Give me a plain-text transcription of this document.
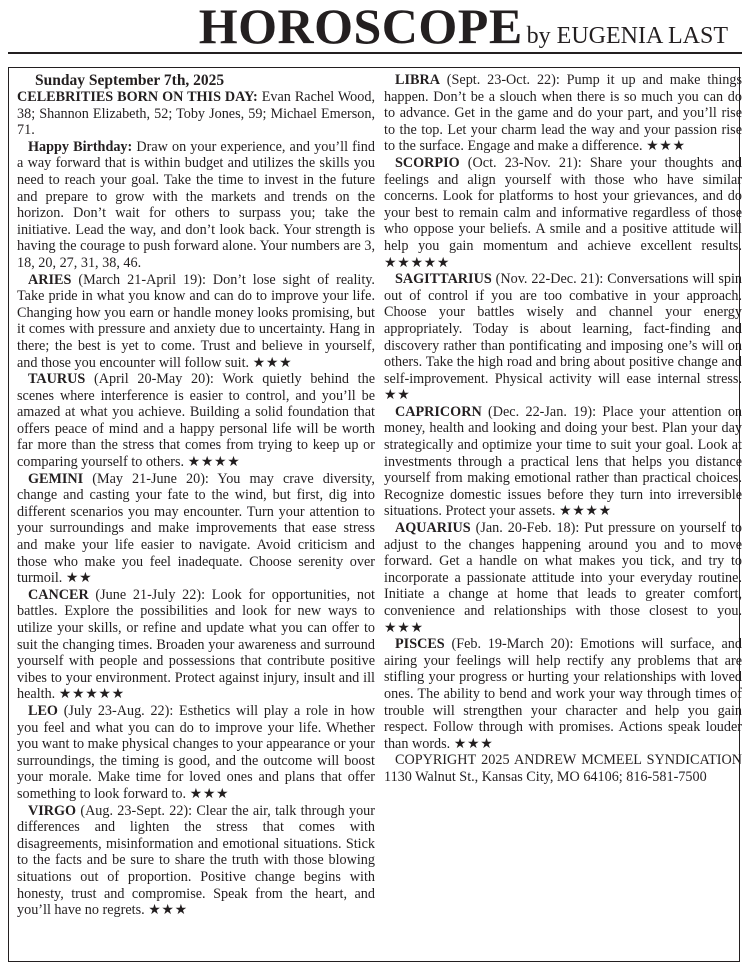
HOROSCOPE by EUGENIA LAST

Sunday September 7th, 2025

CELEBRITIES BORN ON THIS DAY: Evan Rachel Wood, 38; Shannon Elizabeth, 52; Toby Jones, 59; Michael Emerson, 71.

Happy Birthday: Draw on your experience, and you’ll find a way forward that is within budget and utilizes the skills you need to reach your goal. Take the time to invest in the future and prepare to grow with the markets and trends on the horizon. Don’t wait for others to surpass you; take the initiative. Lead the way, and don’t look back. Your strength is having the courage to push forward alone. Your numbers are 3, 18, 20, 27, 31, 38, 46.

ARIES (March 21-April 19): Don’t lose sight of reality. Take pride in what you know and can do to improve your life. Changing how you earn or handle money looks promising, but it comes with pressure and anxiety due to uncertainty. Hang in there; the best is yet to come. Trust and believe in yourself, and those you encounter will follow suit. ★★★

TAURUS (April 20-May 20): Work quietly behind the scenes where interference is easier to control, and you’ll be amazed at what you achieve. Building a solid foundation that offers peace of mind and a happy personal life will be worth far more than the stress that comes from trying to keep up or comparing yourself to others. ★★★★

GEMINI (May 21-June 20): You may crave diversity, change and casting your fate to the wind, but first, dig into different scenarios you may encounter. Turn your attention to your surroundings and make improvements that ease stress and make your life easier to navigate. Avoid criticism and those who make you feel inadequate. Choose serenity over turmoil. ★★

CANCER (June 21-July 22): Look for opportunities, not battles. Explore the possibilities and look for new ways to utilize your skills, or refine and update what you can offer to suit the changing times. Broaden your awareness and surround yourself with people and possessions that contribute positive vibes to your environment. Protect against injury, insult and ill health. ★★★★★

LEO (July 23-Aug. 22): Esthetics will play a role in how you feel and what you can do to improve your life. Whether you want to make physical changes to your appearance or your surroundings, the timing is good, and the outcome will boost your morale. Make time for loved ones and plans that offer something to look forward to. ★★★

VIRGO (Aug. 23-Sept. 22): Clear the air, talk through your differences and lighten the stress that comes with disagreements, misinformation and emotional situations. Stick to the facts and be sure to share the truth with those blowing situations out of proportion. Positive change begins with honesty, trust and compromise. Speak from the heart, and you’ll have no regrets. ★★★

LIBRA (Sept. 23-Oct. 22): Pump it up and make things happen. Don’t be a slouch when there is so much you can do to advance. Get in the game and do your part, and you’ll rise to the top. Let your charm lead the way and your passion rise to the surface. Engage and make a difference. ★★★

SCORPIO (Oct. 23-Nov. 21): Share your thoughts and feelings and align yourself with those who have similar concerns. Look for platforms to host your grievances, and do your best to remain calm and informative regardless of those who oppose your beliefs. A smile and a positive attitude will help you gain momentum and achieve excellent results. ★★★★★

SAGITTARIUS (Nov. 22-Dec. 21): Conversations will spin out of control if you are too combative in your approach. Choose your battles wisely and channel your energy appropriately. Today is about learning, fact-finding and discovery rather than pontificating and imposing one’s will on others. Take the high road and bring about positive change and self-improvement. Physical activity will ease internal stress. ★★

CAPRICORN (Dec. 22-Jan. 19): Place your attention on money, health and looking and doing your best. Plan your day strategically and optimize your time to suit your goal. Look at investments through a practical lens that helps you distance yourself from making emotional rather than practical choices. Recognize domestic issues before they turn into irreversible situations. Protect your assets. ★★★★

AQUARIUS (Jan. 20-Feb. 18): Put pressure on yourself to adjust to the changes happening around you and to move forward. Get a handle on what makes you tick, and try to incorporate a passionate attitude into your everyday routine. Initiate a change at home that leads to greater comfort, convenience and relationships with those closest to you. ★★★

PISCES (Feb. 19-March 20): Emotions will surface, and airing your feelings will help rectify any problems that are stifling your progress or hurting your relationships with loved ones. The ability to bend and work your way through times of trouble will strengthen your character and help you gain respect. Follow through with promises. Actions speak louder than words. ★★★

COPYRIGHT 2025 ANDREW MCMEEL SYNDICATION 1130 Walnut St., Kansas City, MO 64106; 816-581-7500
